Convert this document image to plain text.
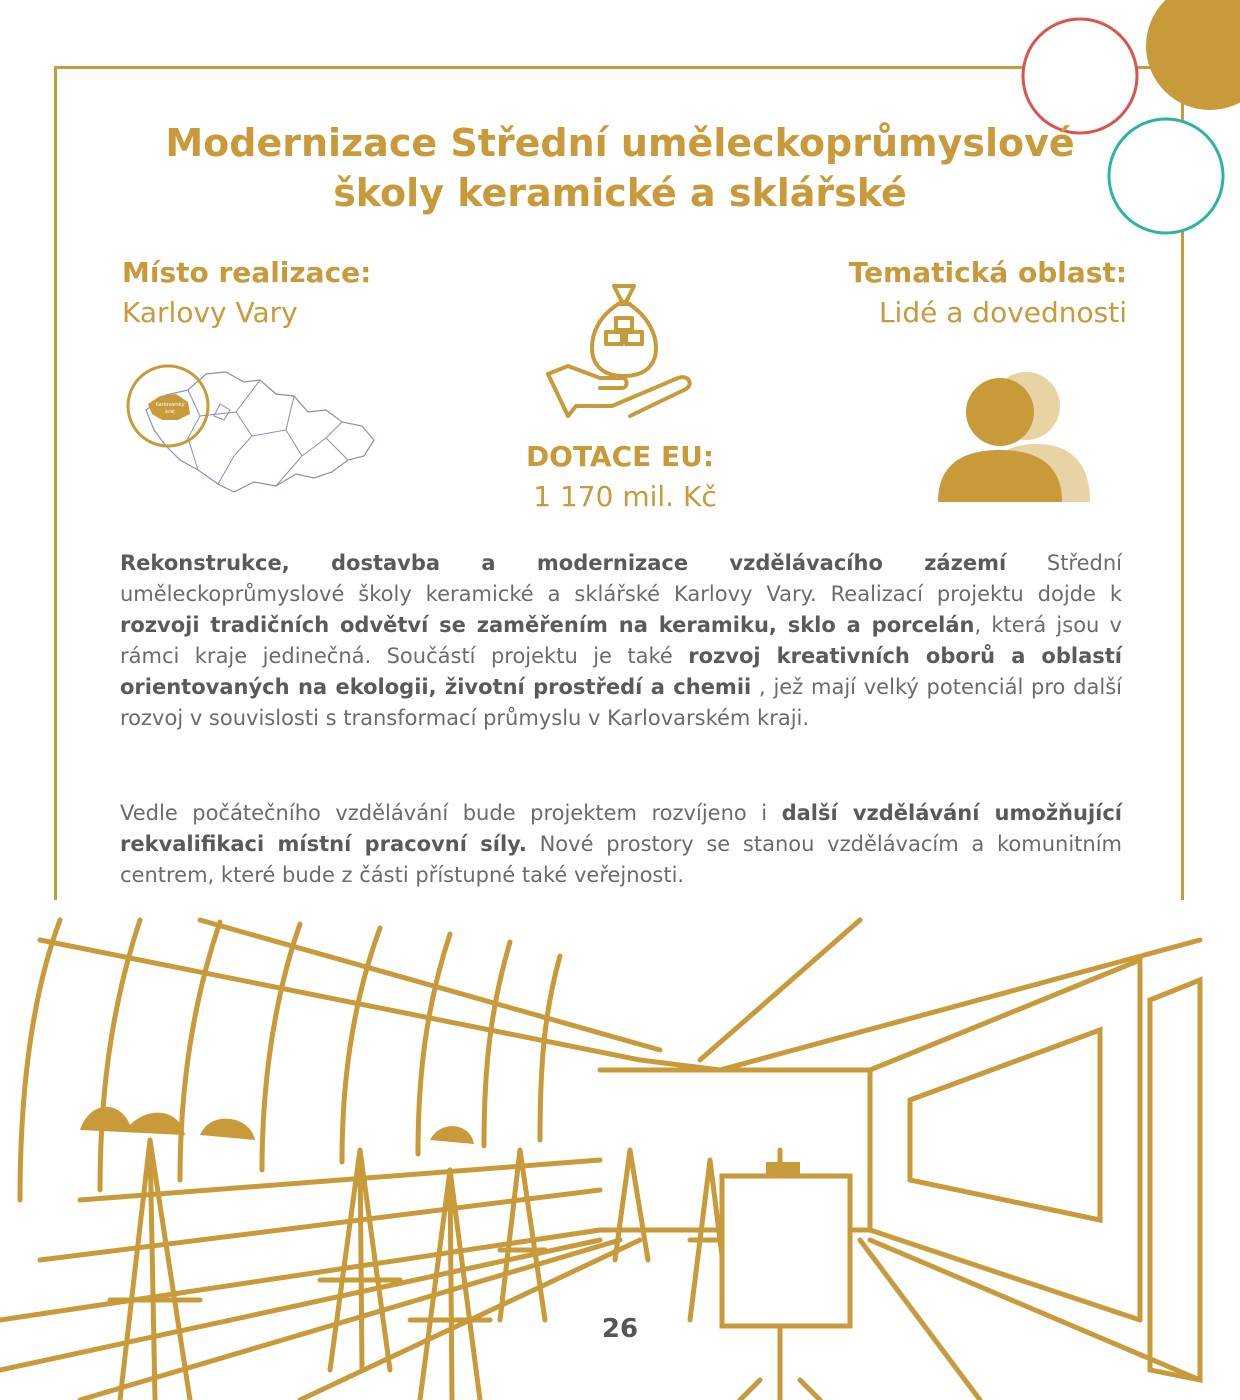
Modernizace Střední uměleckoprůmyslové
školy keramické a sklářské
Místo realizace:
Karlovy Vary
Tematická oblast:
Lidé a dovednosti
Karlovarský
kraj
DOTACE EU:
1 170 mil. Kč
Rekonstrukce, dostavba a modernizace vzdělávacího zázemí Střední uměleckoprůmyslové školy keramické a sklářské Karlovy Vary. Realizací projektu dojde k rozvoji tradičních odvětví se zaměřením na keramiku, sklo a porcelán, která jsou v rámci kraje jedinečná. Součástí projektu je také rozvoj kreativních oborů a oblastí orientovaných na ekologii, životní prostředí a chemii , jež mají velký potenciál pro další rozvoj v souvislosti s transformací průmyslu v Karlovarském kraji.
Vedle počátečního vzdělávání bude projektem rozvíjeno i další vzdělávání umožňující rekvalifikaci místní pracovní síly. Nové prostory se stanou vzdělávacím a komunitním centrem, které bude z části přístupné také veřejnosti.
26
